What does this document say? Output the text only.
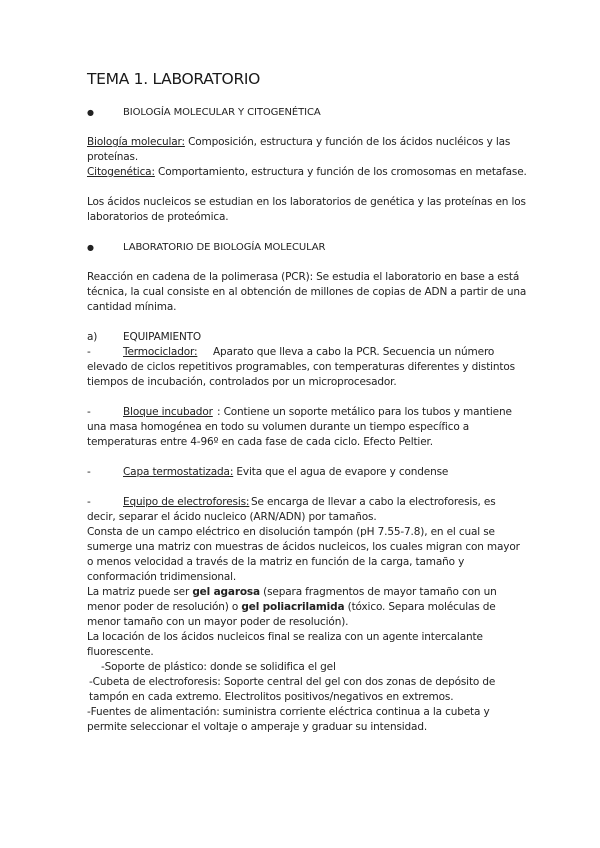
TEMA 1. LABORATORIO
●	BIOLOGÍA MOLECULAR Y CITOGENÉTICA

Biología molecular: Composición, estructura y función de los ácidos nucléicos y las proteínas.

Citogenética: Comportamiento, estructura y función de los cromosomas en metafase.

Los ácidos nucleicos se estudian en los laboratorios de genética y las proteínas en los laboratorios de proteómica.

●	LABORATORIO DE BIOLOGÍA MOLECULAR

Reacción en cadena de la polimerasa (PCR): Se estudia el laboratorio en base a está técnica, la cual consiste en al obtención de millones de copias de ADN a partir de una cantidad mínima.

a)	EQUIPAMIENTO
-	Termociclador:	Aparato que lleva a cabo la PCR. Secuencia un número elevado de ciclos repetitivos programables, con temperaturas diferentes y distintos tiempos de incubación, controlados por un microprocesador.

-	Bloque incubador : Contiene un soporte metálico para los tubos y mantiene una masa homogénea en todo su volumen durante un tiempo específico a temperaturas entre 4-96º en cada fase de cada ciclo. Efecto Peltier.

-	Capa termostatizada: Evita que el agua de evapore y condense
-	Equipo de electroforesis: Se encarga de llevar a cabo la electroforesis, es decir, separar el ácido nucleico (ARN/ADN) por tamaños.

Consta de un campo eléctrico en disolución tampón (pH 7.55-7.8), en el cual se sumerge una matriz con muestras de ácidos nucleicos, los cuales migran con mayor o menos velocidad a través de la matriz en función de la carga, tamaño y conformación tridimensional.

La matriz puede ser gel agarosa (separa fragmentos de mayor tamaño con un menor poder de resolución) o gel poliacrilamida (tóxico. Separa moléculas de menor tamaño con un mayor poder de resolución).

La locación de los ácidos nucleicos final se realiza con un agente intercalante fluorescente.

-Soporte de plástico: donde se solidifica el gel

-Cubeta de electroforesis: Soporte central del gel con dos zonas de depósito de tampón en cada extremo. Electrolitos positivos/negativos en extremos.

-Fuentes de alimentación: suministra corriente eléctrica continua a la cubeta y permite seleccionar el voltaje o amperaje y graduar su intensidad.
